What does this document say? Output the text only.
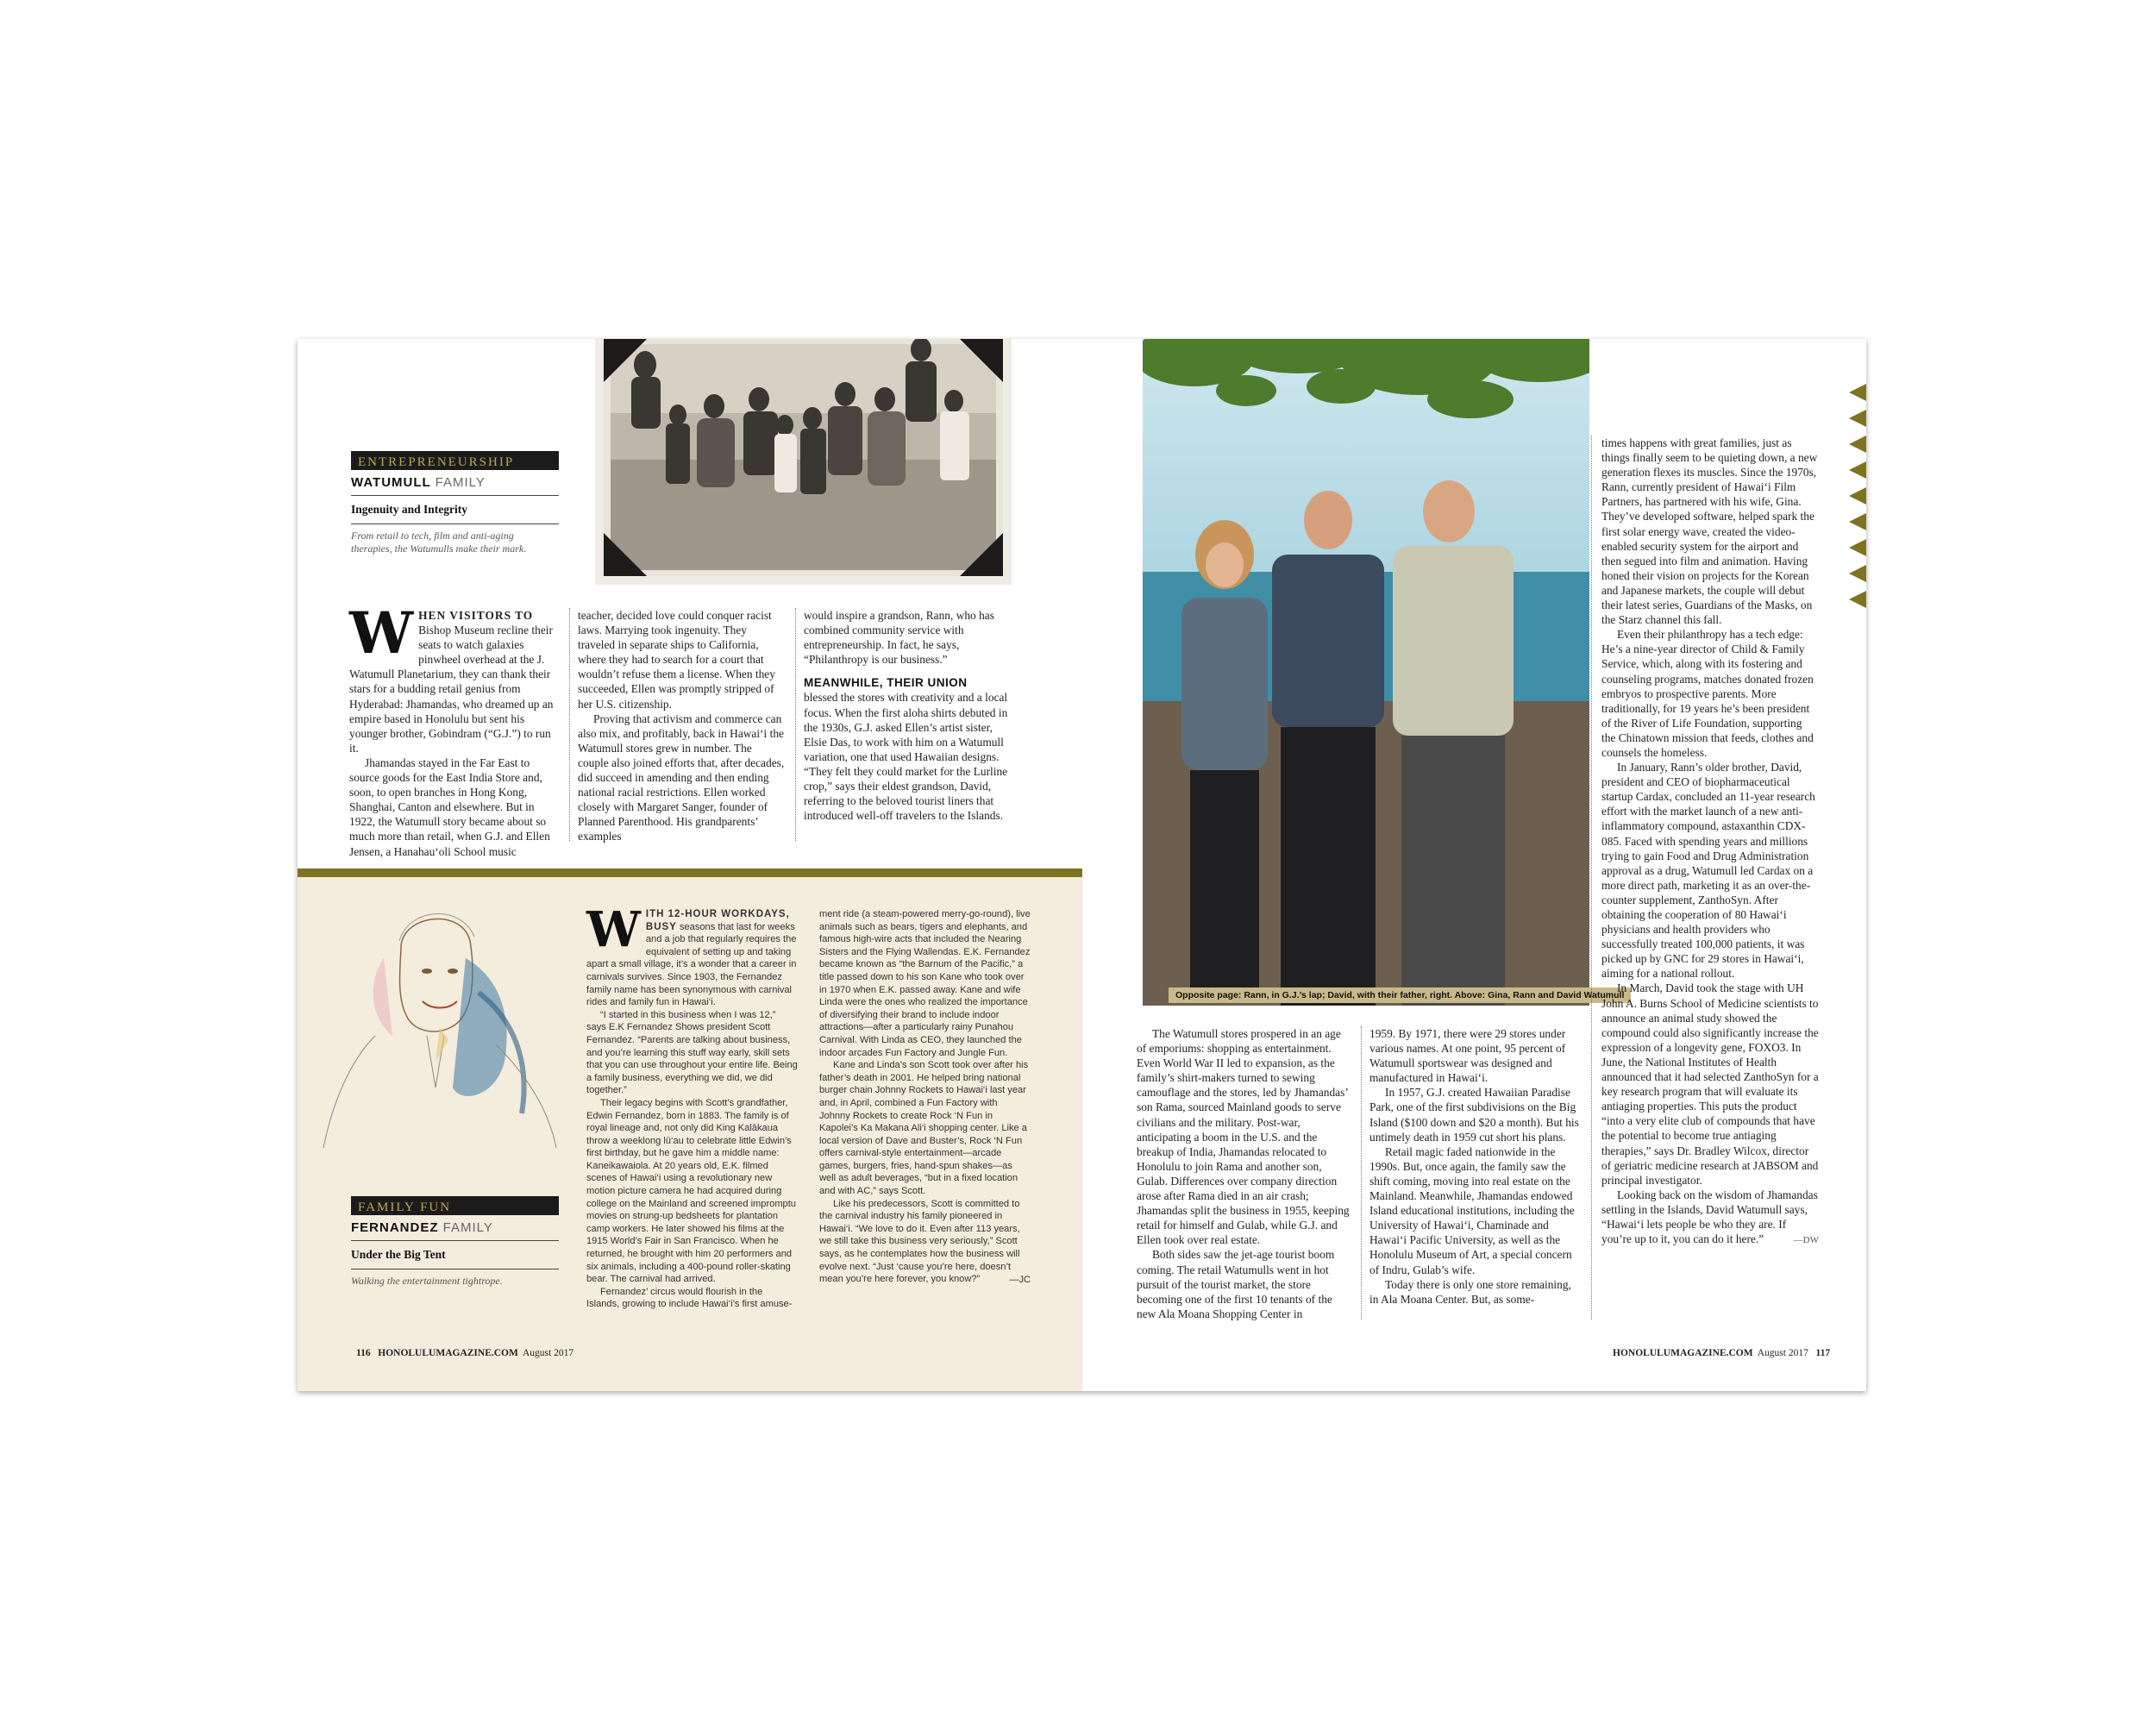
ENTREPRENEURSHIP
WATUMULL FAMILY
Ingenuity and Integrity
From retail to tech, film and anti-aging therapies, the Watumulls make their mark.

WHEN VISITORS TO Bishop Museum recline their seats to watch galaxies pinwheel overhead at the J. Watumull Planetarium, they can thank their stars for a budding retail genius from Hyderabad: Jhamandas, who dreamed up an empire based in Honolulu but sent his younger brother, Gobindram (“G.J.”) to run it.

Jhamandas stayed in the Far East to source goods for the East India Store and, soon, to open branches in Hong Kong, Shanghai, Canton and elsewhere. But in 1922, the Watumull story became about so much more than retail, when G.J. and Ellen Jensen, a Hanahau‘oli School music

teacher, decided love could conquer racist laws. Marrying took ingenuity. They traveled in separate ships to California, where they had to search for a court that wouldn’t refuse them a license. When they succeeded, Ellen was promptly stripped of her U.S. citizenship.

Proving that activism and commerce can also mix, and profitably, back in Hawai‘i the Watumull stores grew in number. The couple also joined efforts that, after decades, did succeed in amending and then ending national racial restrictions. Ellen worked closely with Margaret Sanger, founder of Planned Parenthood. His grandparents’ examples

would inspire a grandson, Rann, who has combined community service with entrepreneurship. In fact, he says, “Philanthropy is our business.”

MEANWHILE, THEIR UNION

blessed the stores with creativity and a local focus. When the first aloha shirts debuted in the 1930s, G.J. asked Ellen’s artist sister, Elsie Das, to work with him on a Watumull variation, one that used Hawaiian designs. “They felt they could market for the Lurline crop,” says their eldest grandson, David, referring to the beloved tourist liners that introduced well-off travelers to the Islands.

FAMILY FUN
FERNANDEZ FAMILY
Under the Big Tent
Walking the entertainment tightrope.

WITH 12-HOUR WORKDAYS, BUSY seasons that last for weeks and a job that regularly requires the equivalent of setting up and taking apart a small village, it’s a wonder that a career in carnivals survives. Since 1903, the Fernandez family name has been synonymous with carnival rides and family fun in Hawai‘i.

“I started in this business when I was 12,” says E.K Fernandez Shows president Scott Fernandez. “Parents are talking about business, and you’re learning this stuff way early, skill sets that you can use throughout your entire life. Being a family business, everything we did, we did together.”

Their legacy begins with Scott’s grandfather, Edwin Fernandez, born in 1883. The family is of royal lineage and, not only did King Kalākaua throw a weeklong lū‘au to celebrate little Edwin’s first birthday, but he gave him a middle name: Kaneikawaiola. At 20 years old, E.K. filmed scenes of Hawai‘i using a revolutionary new motion picture camera he had acquired during college on the Mainland and screened impromptu movies on strung-up bedsheets for plantation camp workers. He later showed his films at the 1915 World’s Fair in San Francisco. When he returned, he brought with him 20 performers and six animals, including a 400-pound roller-skating bear. The carnival had arrived.

Fernandez’ circus would flourish in the Islands, growing to include Hawai‘i’s first amuse-

ment ride (a steam-powered merry-go-round), live animals such as bears, tigers and elephants, and famous high-wire acts that included the Nearing Sisters and the Flying Wallendas. E.K. Fernandez became known as “the Barnum of the Pacific,” a title passed down to his son Kane who took over in 1970 when E.K. passed away. Kane and wife Linda were the ones who realized the importance of diversifying their brand to include indoor attractions—after a particularly rainy Punahou Carnival. With Linda as CEO, they launched the indoor arcades Fun Factory and Jungle Fun.

Kane and Linda’s son Scott took over after his father’s death in 2001. He helped bring national burger chain Johnny Rockets to Hawai‘i last year and, in April, combined a Fun Factory with Johnny Rockets to create Rock ‘N Fun in Kapolei’s Ka Makana Ali‘i shopping center. Like a local version of Dave and Buster’s, Rock ‘N Fun offers carnival-style entertainment—arcade games, burgers, fries, hand-spun shakes—as well as adult beverages, “but in a fixed location and with AC,” says Scott.

Like his predecessors, Scott is committed to the carnival industry his family pioneered in Hawai‘i. “We love to do it. Even after 113 years, we still take this business very seriously,” Scott says, as he contemplates how the business will evolve next. “Just ‘cause you’re here, doesn’t mean you’re here forever, you know?”	—JC
116 HONOLULUMAGAZINE.COM August 2017
Opposite page: Rann, in G.J.’s lap; David, with their father, right. Above: Gina, Rann and David Watumull

The Watumull stores prospered in an age of emporiums: shopping as entertainment. Even World War II led to expansion, as the family’s shirt-makers turned to sewing camouflage and the stores, led by Jhamandas’ son Rama, sourced Mainland goods to serve civilians and the military. Post-war, anticipating a boom in the U.S. and the breakup of India, Jhamandas relocated to Honolulu to join Rama and another son, Gulab. Differences over company direction arose after Rama died in an air crash; Jhamandas split the business in 1955, keeping retail for himself and Gulab, while G.J. and Ellen took over real estate.

Both sides saw the jet-age tourist boom coming. The retail Watumulls went in hot pursuit of the tourist market, the store becoming one of the first 10 tenants of the new Ala Moana Shopping Center in

1959. By 1971, there were 29 stores under various names. At one point, 95 percent of Watumull sportswear was designed and manufactured in Hawai‘i.

In 1957, G.J. created Hawaiian Paradise Park, one of the first subdivisions on the Big Island ($100 down and $20 a month). But his untimely death in 1959 cut short his plans.

Retail magic faded nationwide in the 1990s. But, once again, the family saw the shift coming, moving into real estate on the Mainland. Meanwhile, Jhamandas endowed Island educational institutions, including the University of Hawai‘i, Chaminade and Hawai‘i Pacific University, as well as the Honolulu Museum of Art, a special concern of Indru, Gulab’s wife.

Today there is only one store remaining, in Ala Moana Center. But, as some-

times happens with great families, just as things finally seem to be quieting down, a new generation flexes its muscles. Since the 1970s, Rann, currently president of Hawai‘i Film Partners, has partnered with his wife, Gina. They’ve developed software, helped spark the first solar energy wave, created the video-enabled security system for the airport and then segued into film and animation. Having honed their vision on projects for the Korean and Japanese markets, the couple will debut their latest series, Guardians of the Masks, on the Starz channel this fall.

Even their philanthropy has a tech edge: He’s a nine-year director of Child & Family Service, which, along with its fostering and counseling programs, matches donated frozen embryos to prospective parents. More traditionally, for 19 years he’s been president of the River of Life Foundation, supporting the Chinatown mission that feeds, clothes and counsels the homeless.

In January, Rann’s older brother, David, president and CEO of biopharmaceutical startup Cardax, concluded an 11-year research effort with the market launch of a new anti-inflammatory compound, astaxanthin CDX-085. Faced with spending years and millions trying to gain Food and Drug Administration approval as a drug, Watumull led Cardax on a more direct path, marketing it as an over-the-counter supplement, ZanthoSyn. After obtaining the cooperation of 80 Hawai‘i physicians and health providers who successfully treated 100,000 patients, it was picked up by GNC for 29 stores in Hawai‘i, aiming for a national rollout.

In March, David took the stage with UH John A. Burns School of Medicine scientists to announce an animal study showed the compound could also significantly increase the expression of a longevity gene, FOXO3. In June, the National Institutes of Health announced that it had selected ZanthoSyn for a key research program that will evaluate its antiaging properties. This puts the product “into a very elite club of compounds that have the potential to become true antiaging therapies,” says Dr. Bradley Wilcox, director of geriatric medicine research at JABSOM and principal investigator.

Looking back on the wisdom of Jhamandas settling in the Islands, David Watumull says, “Hawai‘i lets people be who they are. If you’re up to it, you can do it here.”	—DW
HONOLULUMAGAZINE.COM August 2017 117
